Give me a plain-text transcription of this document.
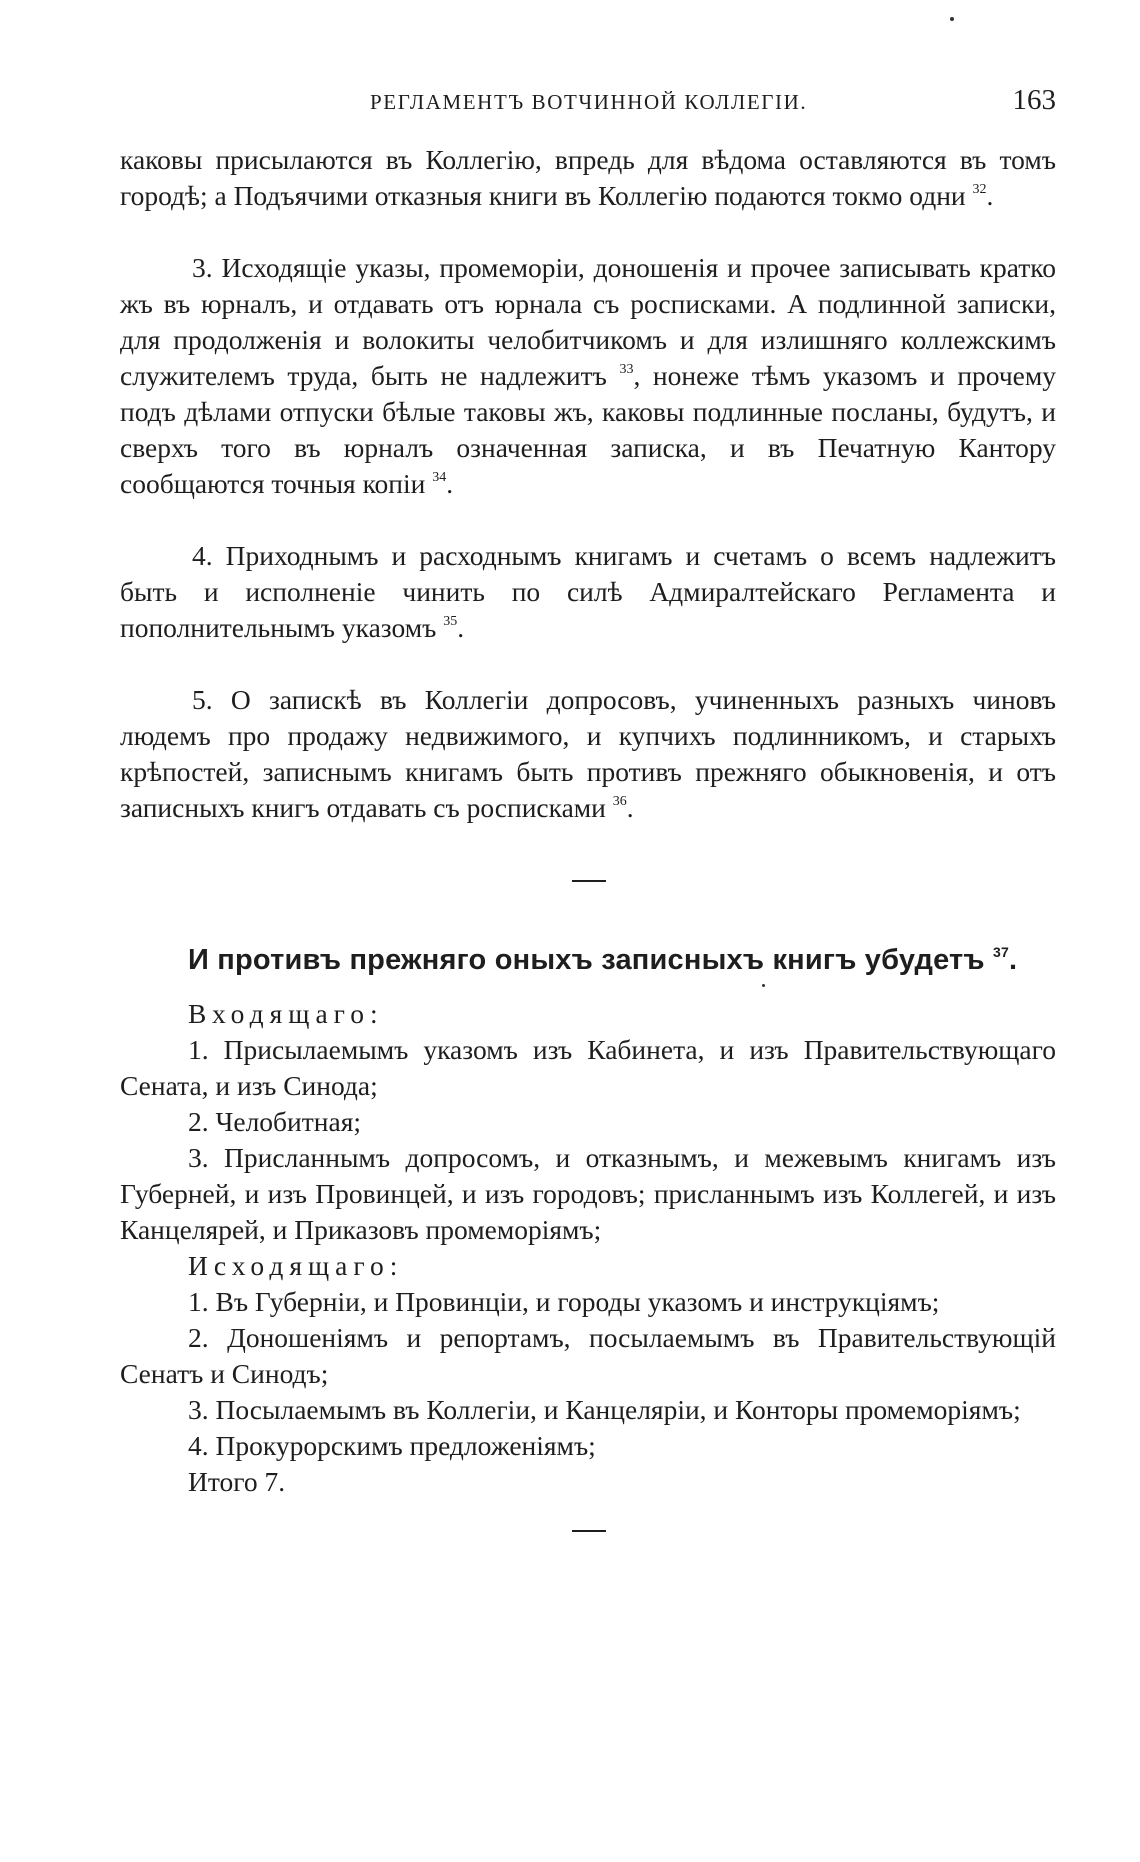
РЕГЛАМЕНТЪ ВОТЧИННОЙ КОЛЛЕГІИ.	163

каковы присылаются въ Коллегію, впредь для вѣдома оставляются въ томъ городѣ; а Подъячими отказныя книги въ Коллегію подаются токмо одни $^{32}$.

3. Исходящіе указы, промеморіи, доношенія и прочее записывать кратко жъ въ юрналъ, и отдавать отъ юрнала съ росписками. А подлинной записки, для продолженія и волокиты челобитчикомъ и для излишняго коллежскимъ служителемъ труда, быть не надлежитъ $^{33}$, нонеже тѣмъ указомъ и прочему подъ дѣлами отпуски бѣлые таковы жъ, каковы подлинные посланы, будутъ, и сверхъ того въ юрналъ означенная записка, и въ Печатную Кантору сообщаются точныя копіи $^{34}$.

4. Приходнымъ и расходнымъ книгамъ и счетамъ о всемъ надлежитъ быть и исполненіе чинить по силѣ Адмиралтейскаго Регламента и пополнительнымъ указомъ $^{35}$.

5. О запискѣ въ Коллегіи допросовъ, учиненныхъ разныхъ чиновъ людемъ про продажу недвижимого, и купчихъ подлинникомъ, и старыхъ крѣпостей, записнымъ книгамъ быть противъ прежняго обыкновенія, и отъ записныхъ книгъ отдавать съ росписками $^{36}$.

И противъ прежняго оныхъ записныхъ книгъ убудетъ $^{37}$.
Входящаго:

1. Присылаемымъ указомъ изъ Кабинета, и изъ Правительствующаго Сената, и изъ Синода;

2. Челобитная;

3. Присланнымъ допросомъ, и отказнымъ, и межевымъ книгамъ изъ Губерней, и изъ Провинцей, и изъ городовъ; присланнымъ изъ Коллегей, и изъ Канцелярей, и Приказовъ промеморіямъ;

Исходящаго:

1. Въ Губерніи, и Провинціи, и городы указомъ и инструкціямъ;

2. Доношеніямъ и репортамъ, посылаемымъ въ Правительствующій Сенатъ и Синодъ;

3. Посылаемымъ въ Коллегіи, и Канцеляріи, и Конторы промеморіямъ;

4. Прокурорскимъ предложеніямъ;

Итого 7.
